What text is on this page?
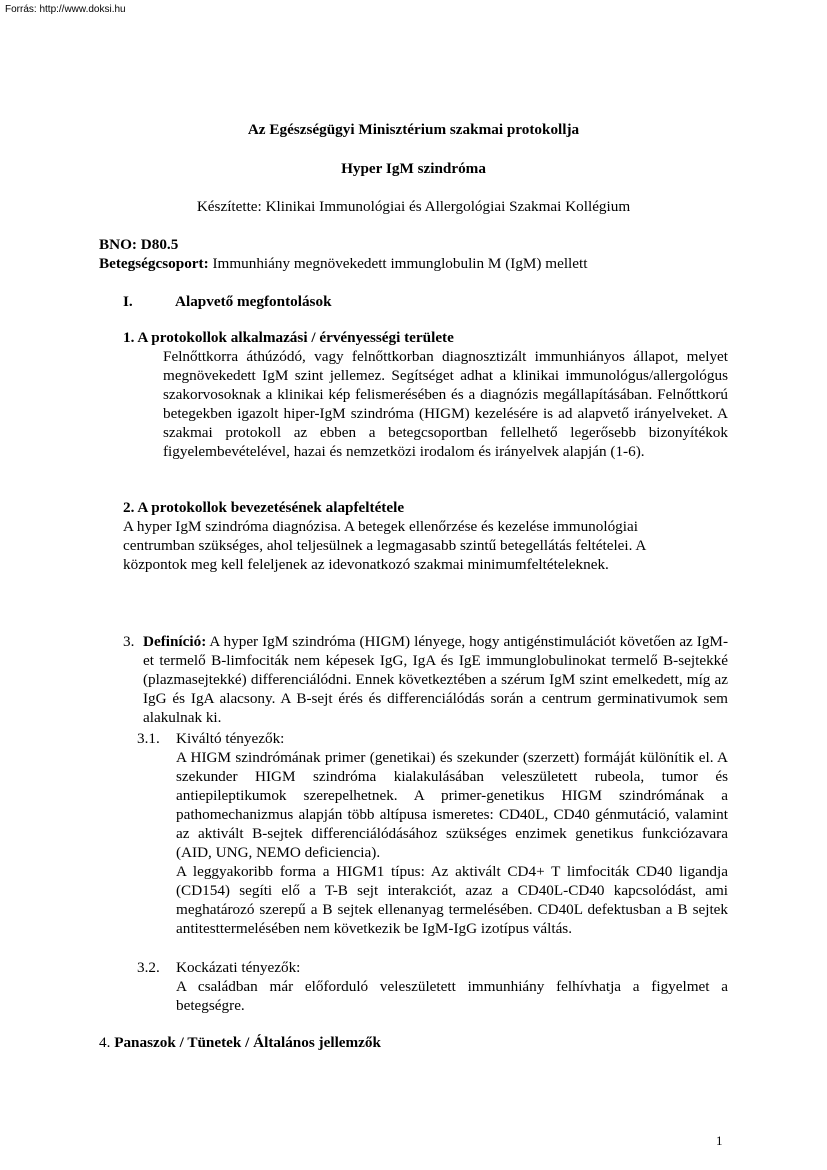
Forrás: http://www.doksi.hu
Az Egészségügyi Minisztérium szakmai protokollja
Hyper IgM szindróma
Készítette: Klinikai Immunológiai és Allergológiai Szakmai Kollégium
BNO: D80.5
Betegségcsoport: Immunhiány megnövekedett immunglobulin M (IgM) mellett
I.	Alapvető megfontolások
1. A protokollok alkalmazási / érvényességi területe
Felnőttkorra áthúzódó, vagy felnőttkorban diagnosztizált immunhiányos állapot, melyet megnövekedett IgM szint jellemez. Segítséget adhat a klinikai immunológus/allergológus szakorvosoknak a klinikai kép felismerésében és a diagnózis megállapításában. Felnőttkorú betegekben igazolt hiper-IgM szindróma (HIGM) kezelésére is ad alapvető irányelveket. A szakmai protokoll az ebben a betegcsoportban fellelhető legerősebb bizonyítékok figyelembevételével, hazai és nemzetközi irodalom és irányelvek alapján (1-6).
2. A protokollok bevezetésének alapfeltétele
A hyper IgM szindróma diagnózisa. A betegek ellenőrzése és kezelése immunológiai centrumban szükséges, ahol teljesülnek a legmagasabb szintű betegellátás feltételei. A központok meg kell feleljenek az idevonatkozó szakmai minimumfeltételeknek.
3. Definíció: A hyper IgM szindróma (HIGM) lényege, hogy antigénstimulációt követően az IgM-et termelő B-limfociták nem képesek IgG, IgA és IgE immunglobulinokat termelő B-sejtekké (plazmasejtekké) differenciálódni. Ennek következtében a szérum IgM szint emelkedett, míg az IgG és IgA alacsony. A B-sejt érés és differenciálódás során a centrum germinativumok sem alakulnak ki.
3.1. Kiváltó tényezők:
A HIGM szindrómának primer (genetikai) és szekunder (szerzett) formáját különítik el. A szekunder HIGM szindróma kialakulásában veleszületett rubeola, tumor és antiepileptikumok szerepelhetnek. A primer-genetikus HIGM szindrómának a pathomechanizmus alapján több altípusa ismeretes: CD40L, CD40 génmutáció, valamint az aktivált B-sejtek differenciálódásához szükséges enzimek genetikus funkciózavara (AID, UNG, NEMO deficiencia).
A leggyakoribb forma a HIGM1 típus: Az aktivált CD4+ T limfociták CD40 ligandja (CD154) segíti elő a T-B sejt interakciót, azaz a CD40L-CD40 kapcsolódást, ami meghatározó szerepű a B sejtek ellenanyag termelésében. CD40L defektusban a B sejtek antitesttermelésében nem következik be IgM-IgG izotípus váltás.
3.2. Kockázati tényezők:
A családban már előforduló veleszületett immunhiány felhívhatja a figyelmet a betegségre.
4. Panaszok / Tünetek / Általános jellemzők
1
